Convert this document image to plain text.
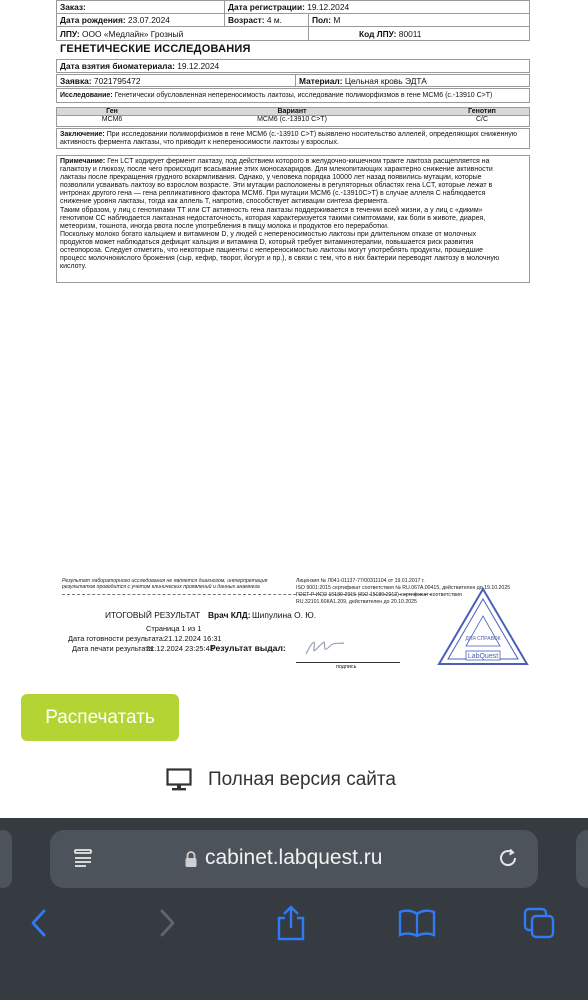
Заказ:	Дата регистрации: 19.12.2024	
Дата рождения: 23.07.2024	Возраст: 4 м.	Пол: М
ЛПУ: ООО «Медлайн» Грозный		Код ЛПУ: 80011
ГЕНЕТИЧЕСКИЕ ИССЛЕДОВАНИЯ
Дата взятия биоматериала: 19.12.2024
Заявка: 7021795472	Материал: Цельная кровь ЭДТА
Исследование: Генетически обусловленная непереносимость лактозы, исследование полиморфизмов в гене MCM6 (с.-13910 С>T)
Ген	Вариант	Генотип
MCM6	MCM6 (с.-13910 С>T)	C/C
Заключение: При исследовании полиморфизмов в гене MCM6 (с.-13910 С>T) выявлено носительство аллелей, определяющих сниженную активность фермента лактазы, что приводит к непереносимости лактозы у взрослых.
Примечание: Ген LCT кодирует фермент лактазу, под действием которого в желудочно-кишечном тракте лактоза расщепляется на
галактозу и глюкозу, после чего происходит всасывание этих моносахаридов. Для млекопитающих характерно снижение активности
лактазы после прекращения грудного вскармливания. Однако, у человека порядка 10000 лет назад появились мутации, которые
позволили усваивать лактозу во взрослом возрасте. Эти мутации расположены в регуляторных областях гена LCT, которые лежат в
интронах другого гена — гена репликативного фактора MCM6. При мутации MCM6 (с.-13910С>T) в случае аллеля С наблюдается
снижение уровня лактазы, тогда как аллель Т, напротив, способствует активации синтеза фермента.
Таким образом, у лиц с генотипами ТТ или СТ активность гена лактазы поддерживается в течении всей жизни, а у лиц с «диким»
генотипом СС наблюдается лактазная недостаточность, которая характеризуется такими симптомами, как боли в животе, диарея,
метеоризм, тошнота, иногда рвота после употребления в пищу молока и продуктов его переработки.
Поскольку молоко богато кальцием и витамином D, у людей с непереносимостью лактозы при длительном отказе от молочных
продуктов может наблюдаться дефицит кальция и витамина D, который требует витаминотерапии, повышается риск развития
остеопороза. Следует отметить, что некоторые пациенты с непереносимостью лактозы могут употреблять продукты, прошедшие
процесс молочнокислого брожения (сыр, кефир, творог, йогурт и пр.), в связи с тем, что в них бактерии переводят лактозу в молочную
кислоту.
Результат лабораторного исследования не является диагнозом, интерпретация результатов проводится с учетом клинических проявлений и данных анамнеза
Лицензия № Л041-01137-77/00311104 от 19.01.2017 г.
ISO 9001:2015 сертификат соответствия № RU.067А.00415, действителен до 19.10.2025
ГОСТ Р ИСО 15189-2015 (ISO 15189:2012) сертификат соответствия
RU.32101.60КА1.209, действителен до 20.10.2025
ИТОГОВЫЙ РЕЗУЛЬТАТ Врач КЛД: Шипулина О. Ю.
Страница 1 из 1
Дата готовности результата: 21.12.2024 16:31
Дата печати результата:
21.12.2024 23:25:43
Результат выдал:
подпись
ДЛЯ СПРАВОК
LabQuest
Распечатать
Полная версия сайта
cabinet.labquest.ru
